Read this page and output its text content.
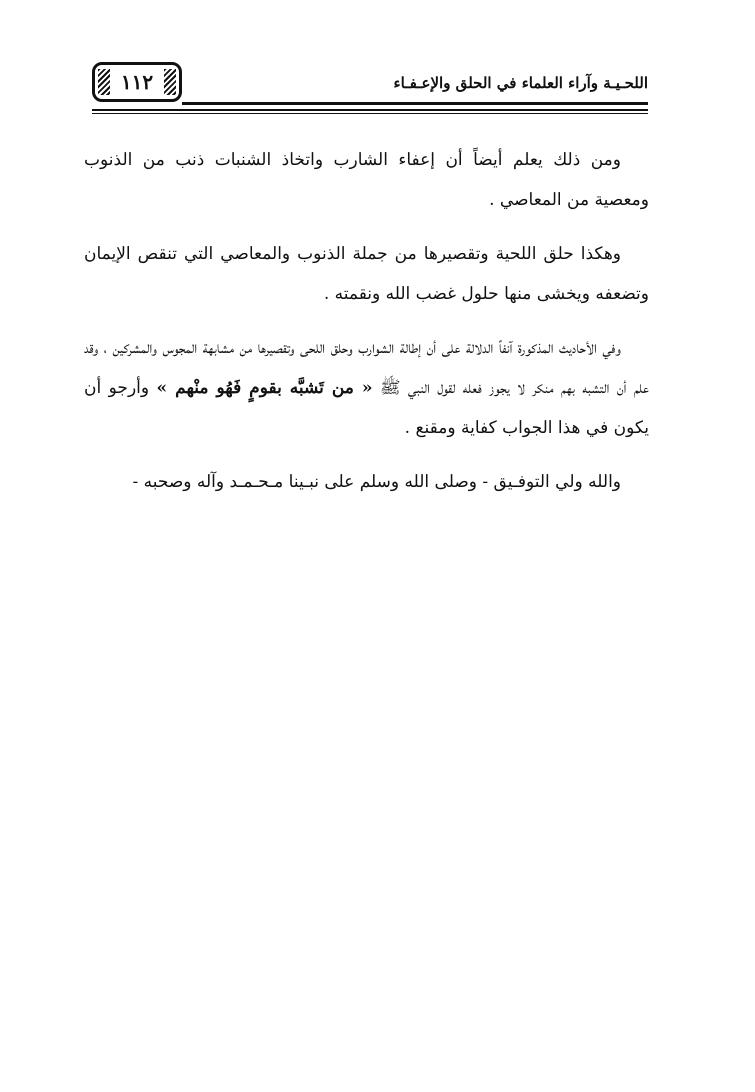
١١٢	اللحـيـة وآراء العلماء في الحلق والإعـفـاء

ومن ذلك يعلم أيضاً أن إعفاء الشارب واتخاذ الشنبات ذنب من الذنوب ومعصية من المعاصي .

وهكذا حلق اللحية وتقصيرها من جملة الذنوب والمعاصي التي تنقص الإيمان وتضعفه ويخشى منها حلول غضب الله ونقمته .

وفي الأحاديث المذكورة آنفاً الدلالة على أن إطالة الشوارب وحلق اللحى وتقصيرها من مشابهة المجوس والمشركين ، وقد علم أن التشبه بهم منكر لا يجوز فعله لقول النبي ﷺ « من تَشبَّه بقومٍ فَهُو منْهم » وأرجو أن يكون في هذا الجواب كفاية ومقنع .

والله ولي التوفـيق - وصلى الله وسلم على نبـينا مـحـمـد وآله وصحبه -
